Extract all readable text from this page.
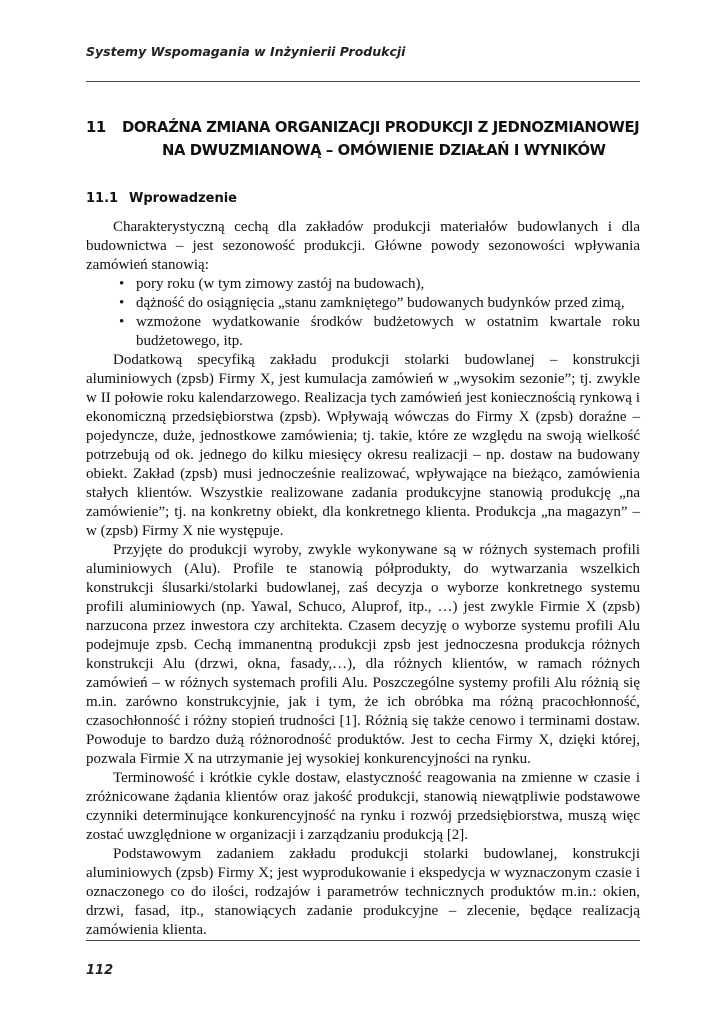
Systemy Wspomagania w Inżynierii Produkcji
11 DORAŹNA ZMIANA ORGANIZACJI PRODUKCJI Z JEDNOZMIANOWEJ
NA DWUZMIANOWĄ – OMÓWIENIE DZIAŁAŃ I WYNIKÓW
11.1 Wprowadzenie

Charakterystyczną cechą dla zakładów produkcji materiałów budowlanych i dla budownictwa – jest sezonowość produkcji. Główne powody sezonowości wpływania zamówień stanowią:

• pory roku (w tym zimowy zastój na budowach),
• dążność do osiągnięcia „stanu zamkniętego” budowanych budynków przed zimą,
• wzmożone wydatkowanie środków budżetowych w ostatnim kwartale roku budżetowego, itp.

Dodatkową specyfiką zakładu produkcji stolarki budowlanej – konstrukcji aluminiowych (zpsb) Firmy X, jest kumulacja zamówień w „wysokim sezonie”; tj. zwykle w II połowie roku kalendarzowego. Realizacja tych zamówień jest koniecznością rynkową i ekonomiczną przedsiębiorstwa (zpsb). Wpływają wówczas do Firmy X (zpsb) doraźne – pojedyncze, duże, jednostkowe zamówienia; tj. takie, które ze względu na swoją wielkość potrzebują od ok. jednego do kilku miesięcy okresu realizacji – np. dostaw na budowany obiekt. Zakład (zpsb) musi jednocześnie realizować, wpływające na bieżąco, zamówienia stałych klientów. Wszystkie realizowane zadania produkcyjne stanowią produkcję „na zamówienie”; tj. na konkretny obiekt, dla konkretnego klienta. Produkcja „na magazyn” – w (zpsb) Firmy X nie występuje.

Przyjęte do produkcji wyroby, zwykle wykonywane są w różnych systemach profili aluminiowych (Alu). Profile te stanowią półprodukty, do wytwarzania wszelkich konstrukcji ślusarki/stolarki budowlanej, zaś decyzja o wyborze konkretnego systemu profili aluminiowych (np. Yawal, Schuco, Aluprof, itp., …) jest zwykle Firmie X (zpsb) narzucona przez inwestora czy architekta. Czasem decyzję o wyborze systemu profili Alu podejmuje zpsb. Cechą immanentną produkcji zpsb jest jednoczesna produkcja różnych konstrukcji Alu (drzwi, okna, fasady,…), dla różnych klientów, w ramach różnych zamówień – w różnych systemach profili Alu. Poszczególne systemy profili Alu różnią się m.in. zarówno konstrukcyjnie, jak i tym, że ich obróbka ma różną pracochłonność, czasochłonność i różny stopień trudności [1]. Różnią się także cenowo i terminami dostaw. Powoduje to bardzo dużą różnorodność produktów. Jest to cecha Firmy X, dzięki której, pozwala Firmie X na utrzymanie jej wysokiej konkurencyjności na rynku.

Terminowość i krótkie cykle dostaw, elastyczność reagowania na zmienne w czasie i zróżnicowane żądania klientów oraz jakość produkcji, stanowią niewątpliwie podstawowe czynniki determinujące konkurencyjność na rynku i rozwój przedsiębiorstwa, muszą więc zostać uwzględnione w organizacji i zarządzaniu produkcją [2].

Podstawowym zadaniem zakładu produkcji stolarki budowlanej, konstrukcji aluminiowych (zpsb) Firmy X; jest wyprodukowanie i ekspedycja w wyznaczonym czasie i oznaczonego co do ilości, rodzajów i parametrów technicznych produktów m.in.: okien, drzwi, fasad, itp., stanowiących zadanie produkcyjne – zlecenie, będące realizacją zamówienia klienta.

112
